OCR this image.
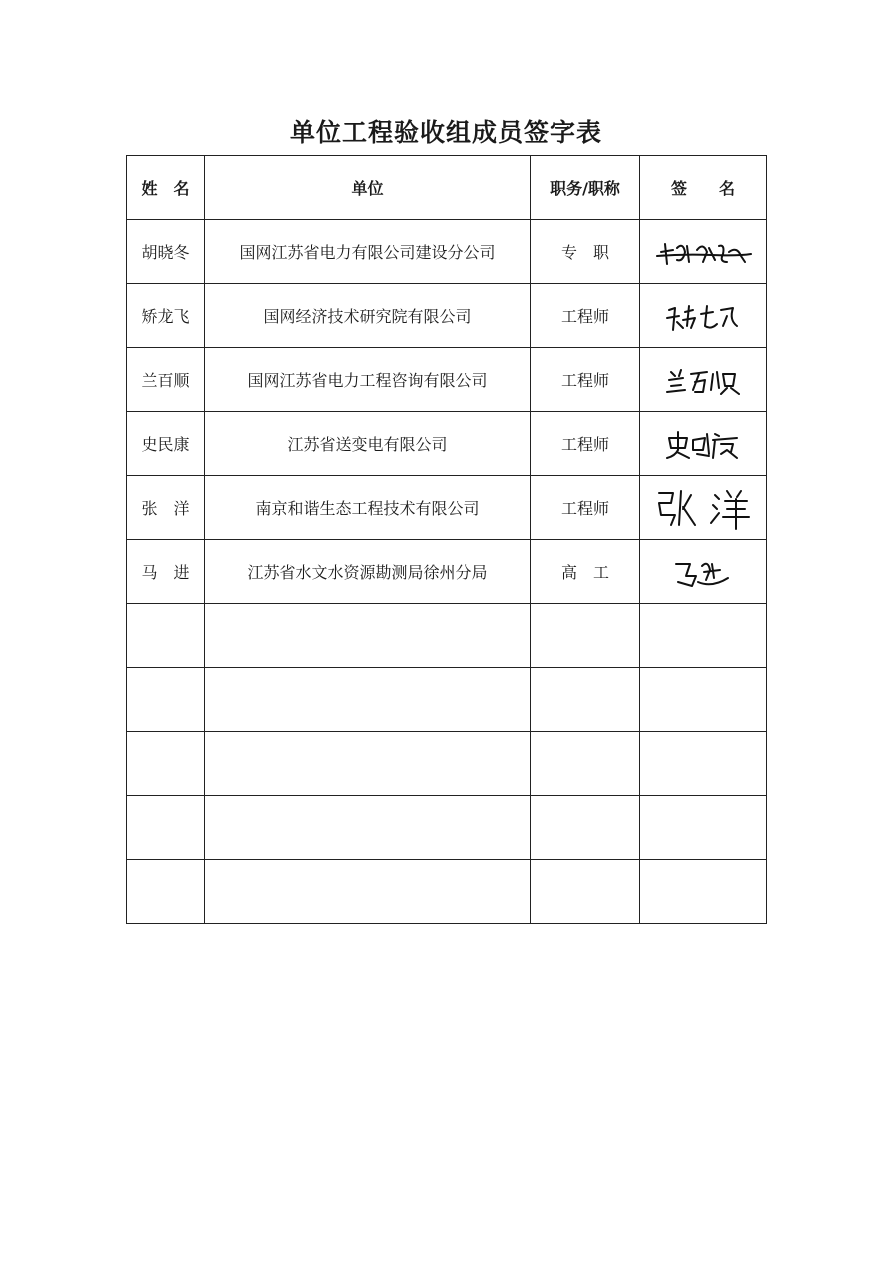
单位工程验收组成员签字表
姓　名	单位	职务/职称	签　　名
胡晓冬	国网江苏省电力有限公司建设分公司	专　职	

矫龙飞	国网经济技术研究院有限公司	工程师	

兰百顺	国网江苏省电力工程咨询有限公司	工程师	

史民康	江苏省送变电有限公司	工程师	

张　洋	南京和谐生态工程技术有限公司	工程师	

马　进	江苏省水文水资源勘测局徐州分局	高　工	
